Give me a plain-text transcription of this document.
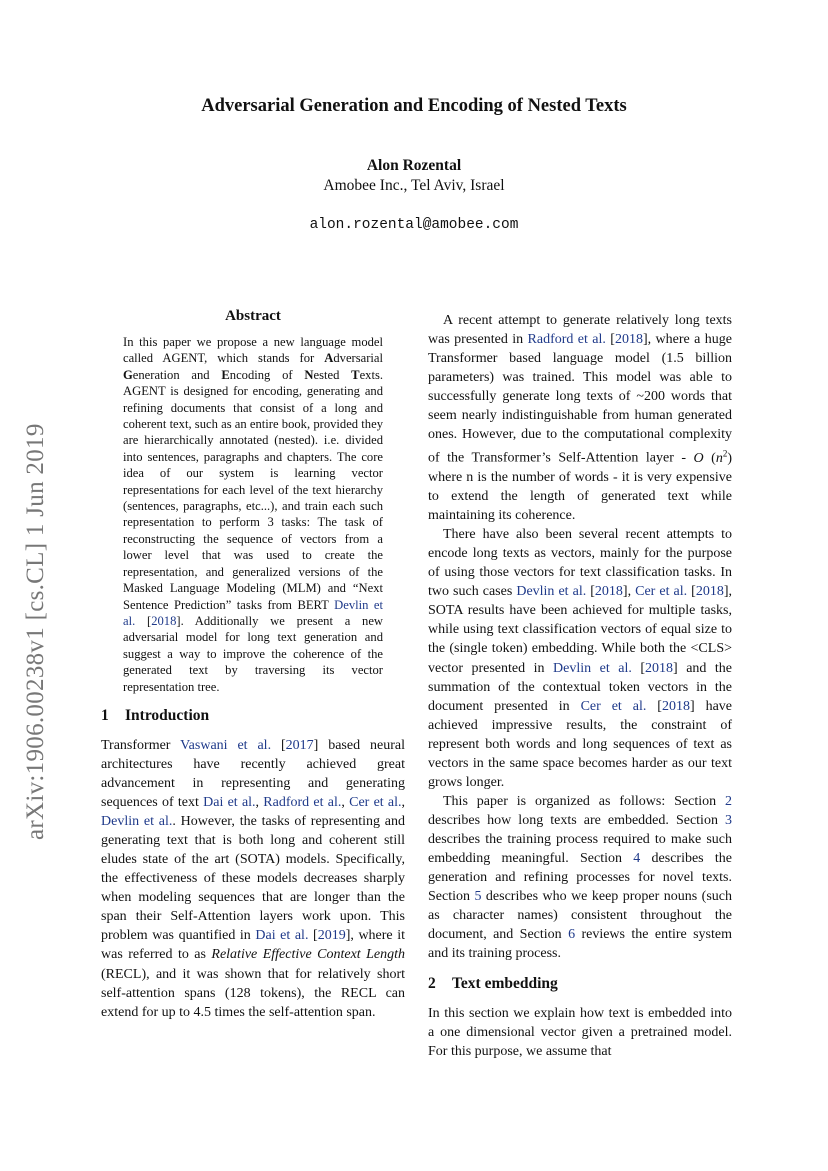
arXiv:1906.00238v1 [cs.CL] 1 Jun 2019
Adversarial Generation and Encoding of Nested Texts
Alon Rozental
Amobee Inc., Tel Aviv, Israel
alon.rozental@amobee.com
Abstract

In this paper we propose a new language model called AGENT, which stands for Adversarial Generation and Encoding of Nested Texts. AGENT is designed for encoding, generating and refining documents that consist of a long and coherent text, such as an entire book, provided they are hierarchically annotated (nested). i.e. divided into sentences, paragraphs and chapters. The core idea of our system is learning vector representations for each level of the text hierarchy (sentences, paragraphs, etc...), and train each such representation to perform 3 tasks: The task of reconstructing the sequence of vectors from a lower level that was used to create the representation, and generalized versions of the Masked Language Modeling (MLM) and “Next Sentence Prediction” tasks from BERT Devlin et al. [2018]. Additionally we present a new adversarial model for long text generation and suggest a way to improve the coherence of the generated text by traversing its vector representation tree.

1 Introduction

Transformer Vaswani et al. [2017] based neural architectures have recently achieved great advancement in representing and generating sequences of text Dai et al., Radford et al., Cer et al., Devlin et al.. However, the tasks of representing and generating text that is both long and coherent still eludes state of the art (SOTA) models. Specifically, the effectiveness of these models decreases sharply when modeling sequences that are longer than the span their Self-Attention layers work upon. This problem was quantified in Dai et al. [2019], where it was referred to as Relative Effective Context Length (RECL), and it was shown that for relatively short self-attention spans (128 tokens), the RECL can extend for up to 4.5 times the self-attention span.

A recent attempt to generate relatively long texts was presented in Radford et al. [2018], where a huge Transformer based language model (1.5 billion parameters) was trained. This model was able to successfully generate long texts of ~200 words that seem nearly indistinguishable from human generated ones. However, due to the computational complexity of the Transformer’s Self-Attention layer - O $(n^2)$ where n is the number of words - it is very expensive to extend the length of generated text while maintaining its coherence.

There have also been several recent attempts to encode long texts as vectors, mainly for the purpose of using those vectors for text classification tasks. In two such cases Devlin et al. [2018], Cer et al. [2018], SOTA results have been achieved for multiple tasks, while using text classification vectors of equal size to the (single token) embedding. While both the <CLS> vector presented in Devlin et al. [2018] and the summation of the contextual token vectors in the document presented in Cer et al. [2018] have achieved impressive results, the constraint of represent both words and long sequences of text as vectors in the same space becomes harder as our text grows longer.

This paper is organized as follows: Section 2 describes how long texts are embedded. Section 3 describes the training process required to make such embedding meaningful. Section 4 describes the generation and refining processes for novel texts. Section 5 describes who we keep proper nouns (such as character names) consistent throughout the document, and Section 6 reviews the entire system and its training process.

2 Text embedding

In this section we explain how text is embedded into a one dimensional vector given a pretrained model. For this purpose, we assume that
